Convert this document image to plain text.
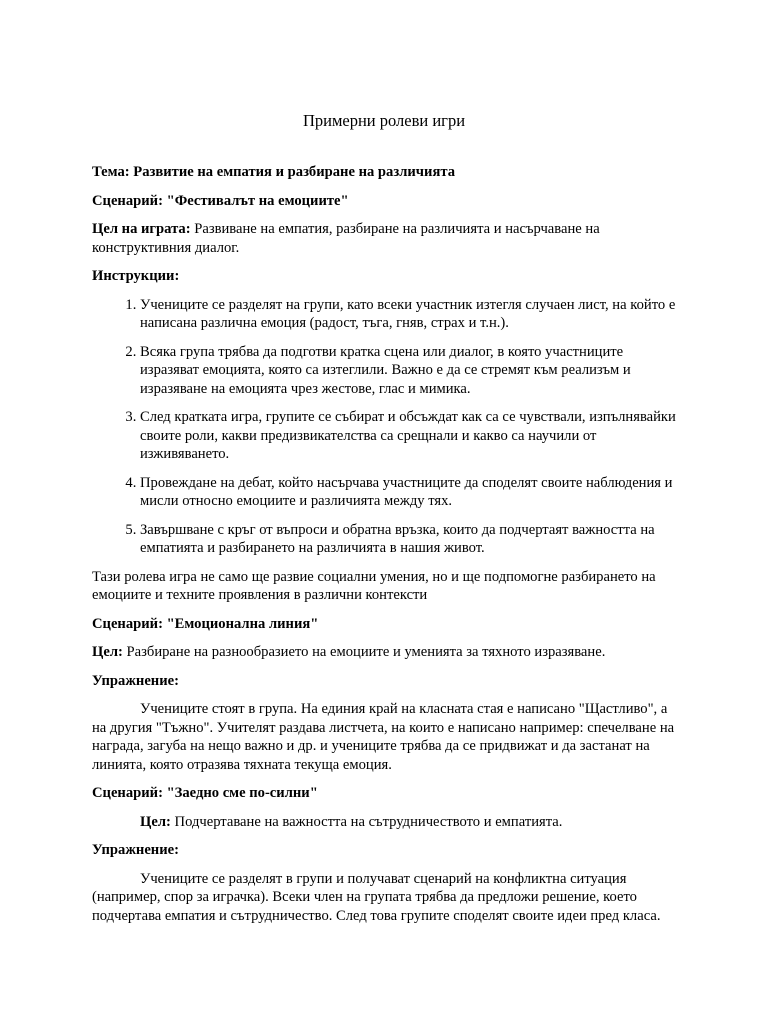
Примерни ролеви игри

Тема: Развитие на емпатия и разбиране на различията

Сценарий: "Фестивалът на емоциите"

Цел на играта: Развиване на емпатия, разбиране на различията и насърчаване на конструктивния диалог.

Инструкции:

1. Учениците се разделят на групи, като всеки участник изтегля случаен лист, на който е написана различна емоция (радост, тъга, гняв, страх и т.н.).
2. Всяка група трябва да подготви кратка сцена или диалог, в която участниците изразяват емоцията, която са изтеглили. Важно е да се стремят към реализъм и изразяване на емоцията чрез жестове, глас и мимика.
3. След кратката игра, групите се събират и обсъждат как са се чувствали, изпълнявайки своите роли, какви предизвикателства са срещнали и какво са научили от изживяването.
4. Провеждане на дебат, който насърчава участниците да споделят своите наблюдения и мисли относно емоциите и различията между тях.
5. Завършване с кръг от въпроси и обратна връзка, които да подчертаят важността на емпатията и разбирането на различията в нашия живот.

Тази ролева игра не само ще развие социални умения, но и ще подпомогне разбирането на емоциите и техните проявления в различни контексти

Сценарий: "Емоционална линия"

Цел: Разбиране на разнообразието на емоциите и уменията за тяхното изразяване.

Упражнение:

Учениците стоят в група. На единия край на класната стая е написано "Щастливо", а на другия "Тъжно". Учителят раздава листчета, на които е написано например: спечелване на награда, загуба на нещо важно и др. и учениците трябва да се придвижат и да застанат на линията, която отразява тяхната текуща емоция.

Сценарий: "Заедно сме по-силни"

Цел: Подчертаване на важността на сътрудничеството и емпатията.

Упражнение:

Учениците се разделят в групи и получават сценарий на конфликтна ситуация (например, спор за играчка). Всеки член на групата трябва да предложи решение, което подчертава емпатия и сътрудничество. След това групите споделят своите идеи пред класа.
